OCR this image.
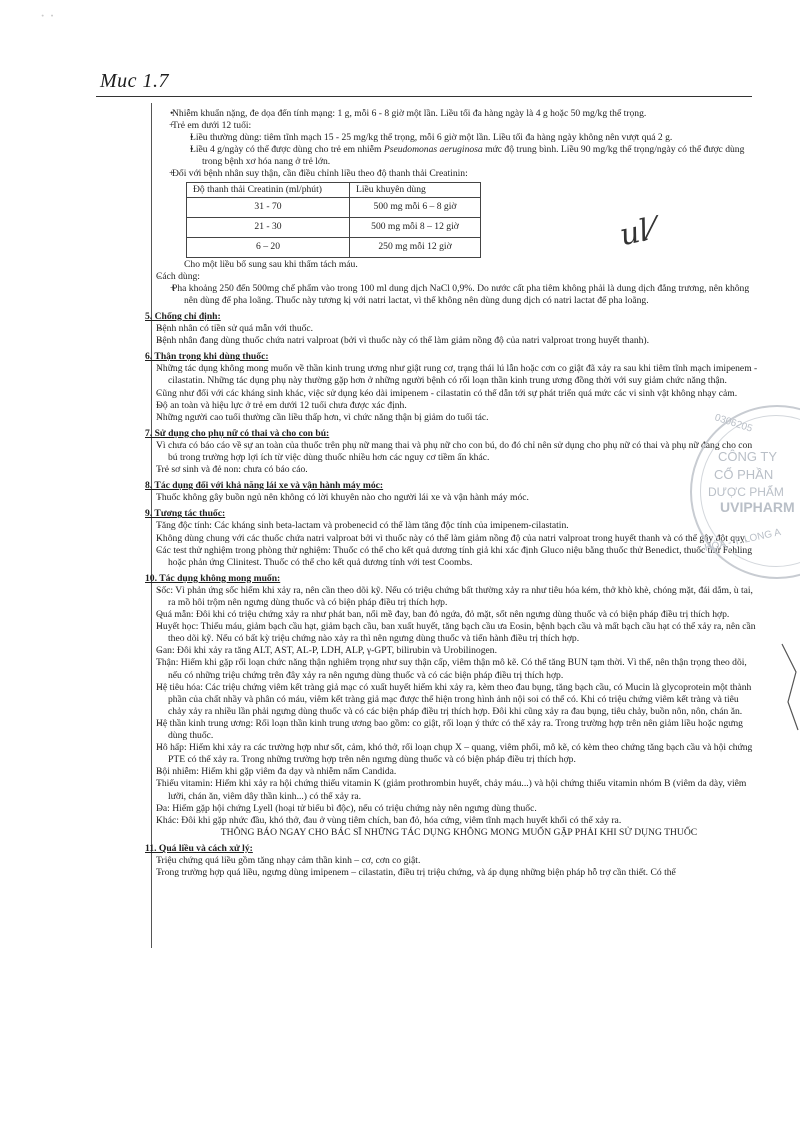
· ·
Muc 1.7

• Nhiễm khuẩn nặng, đe dọa đến tính mạng: 1 g, mỗi 6 - 8 giờ một lần. Liều tối đa hàng ngày là 4 g hoặc 50 mg/kg thể trọng.

+ Trẻ em dưới 12 tuổi:

• Liều thường dùng: tiêm tĩnh mạch 15 - 25 mg/kg thể trọng, mỗi 6 giờ một lần. Liều tối đa hàng ngày không nên vượt quá 2 g.

• Liều 4 g/ngày có thể được dùng cho trẻ em nhiễm Pseudomonas aeruginosa mức độ trung bình. Liều 90 mg/kg thể trọng/ngày có thể được dùng trong bệnh xơ hóa nang ở trẻ lớn.

+ Đối với bệnh nhân suy thận, cần điều chỉnh liều theo độ thanh thải Creatinin:

Độ thanh thải Creatinin (ml/phút)	Liều khuyên dùng
31 - 70	500 mg mỗi 6 – 8 giờ
21 - 30	500 mg mỗi 8 – 12 giờ
6 – 20	250 mg mỗi 12 giờ

Cho một liều bổ sung sau khi thẩm tách máu.

- Cách dùng:

+ Pha khoảng 250 đến 500mg chế phẩm vào trong 100 ml dung dịch NaCl 0,9%. Do nước cất pha tiêm không phải là dung dịch đẳng trương, nên không nên dùng để pha loãng. Thuốc này tương kị với natri lactat, vì thế không nên dùng dung dịch có natri lactat để pha loãng.

5. Chống chỉ định:

- Bệnh nhân có tiền sử quá mẫn với thuốc.

- Bệnh nhân đang dùng thuốc chứa natri valproat (bởi vì thuốc này có thể làm giảm nồng độ của natri valproat trong huyết thanh).

6. Thận trọng khi dùng thuốc:

- Những tác dụng không mong muốn về thần kinh trung ương như giật rung cơ, trạng thái lú lẫn hoặc cơn co giật đã xảy ra sau khi tiêm tĩnh mạch imipenem - cilastatin. Những tác dụng phụ này thường gặp hơn ở những người bệnh có rối loạn thần kinh trung ương đồng thời với suy giảm chức năng thận.

- Cũng như đối với các kháng sinh khác, việc sử dụng kéo dài imipenem - cilastatin có thể dẫn tới sự phát triển quá mức các vi sinh vật không nhạy cảm.

- Độ an toàn và hiệu lực ở trẻ em dưới 12 tuổi chưa được xác định.

- Những người cao tuổi thường cần liều thấp hơn, vì chức năng thận bị giảm do tuổi tác.

7. Sử dụng cho phụ nữ có thai và cho con bú:

- Vì chưa có báo cáo về sự an toàn của thuốc trên phụ nữ mang thai và phụ nữ cho con bú, do đó chỉ nên sử dụng cho phụ nữ có thai và phụ nữ đang cho con bú trong trường hợp lợi ích từ việc dùng thuốc nhiều hơn các nguy cơ tiềm ẩn khác.

- Trẻ sơ sinh và đẻ non: chưa có báo cáo.

8. Tác dụng đối với khả năng lái xe và vận hành máy móc:

- Thuốc không gây buồn ngủ nên không có lời khuyên nào cho người lái xe và vận hành máy móc.

9. Tương tác thuốc:

- Tăng độc tính: Các kháng sinh beta-lactam và probenecid có thể làm tăng độc tính của imipenem-cilastatin.

- Không dùng chung với các thuốc chứa natri valproat bởi vì thuốc này có thể làm giảm nồng độ của natri valproat trong huyết thanh và có thể gây đột quỵ.

- Các test thử nghiệm trong phòng thử nghiệm: Thuốc có thể cho kết quả dương tính giả khi xác định Gluco niệu bằng thuốc thử Benedict, thuốc thử Fehling hoặc phản ứng Clinitest. Thuốc có thể cho kết quả dương tính với test Coombs.

10. Tác dụng không mong muốn:

- Sốc: Vì phản ứng sốc hiếm khi xảy ra, nên cần theo dõi kỹ. Nếu có triệu chứng bất thường xảy ra như tiêu hóa kém, thở khò khè, chóng mặt, đái dắm, ù tai, ra mồ hôi trộm nên ngưng dùng thuốc và có biện pháp điều trị thích hợp.

- Quá mẫn: Đôi khi có triệu chứng xảy ra như phát ban, nổi mề đay, ban đỏ ngứa, đỏ mặt, sốt nên ngưng dùng thuốc và có biện pháp điều trị thích hợp.

- Huyết học: Thiếu máu, giảm bạch cầu hạt, giảm bạch cầu, ban xuất huyết, tăng bạch cầu ưa Eosin, bệnh bạch cầu và mất bạch cầu hạt có thể xảy ra, nên cần theo dõi kỹ. Nếu có bất kỳ triệu chứng nào xảy ra thì nên ngưng dùng thuốc và tiến hành điều trị thích hợp.

- Gan: Đôi khi xảy ra tăng ALT, AST, AL-P, LDH, ALP, γ-GPT, bilirubin và Urobilinogen.

- Thận: Hiếm khi gặp rối loạn chức năng thận nghiêm trọng như suy thận cấp, viêm thận mô kẽ. Có thể tăng BUN tạm thời. Vì thế, nên thận trọng theo dõi, nếu có những triệu chứng trên đây xảy ra nên ngưng dùng thuốc và có các biện pháp điều trị thích hợp.

- Hệ tiêu hóa: Các triệu chứng viêm kết tràng giả mạc có xuất huyết hiếm khi xảy ra, kèm theo đau bụng, tăng bạch cầu, có Mucin là glycoprotein một thành phần của chất nhầy và phân có máu, viêm kết tràng giả mạc được thể hiện trong hình ảnh nội soi có thể có. Khi có triệu chứng viêm kết tràng và tiêu chảy xảy ra nhiều lần phải ngưng dùng thuốc và có các biện pháp điều trị thích hợp. Đôi khi cũng xảy ra đau bụng, tiêu chảy, buồn nôn, nôn, chán ăn.

- Hệ thần kinh trung ương: Rối loạn thần kinh trung ương bao gồm: co giật, rối loạn ý thức có thể xảy ra. Trong trường hợp trên nên giảm liều hoặc ngưng dùng thuốc.

- Hô hấp: Hiếm khi xảy ra các trường hợp như sốt, cảm, khó thở, rối loạn chụp X – quang, viêm phổi, mô kẽ, có kèm theo chứng tăng bạch cầu và hội chứng PTE có thể xảy ra. Trong những trường hợp trên nên ngưng dùng thuốc và có biện pháp điều trị thích hợp.

- Bội nhiễm: Hiếm khi gặp viêm đa dạy và nhiễm nấm Candida.

- Thiếu vitamin: Hiếm khi xảy ra hội chứng thiếu vitamin K (giảm prothrombin huyết, chảy máu...) và hội chứng thiếu vitamin nhóm B (viêm da dày, viêm lưỡi, chán ăn, viêm dây thần kinh...) có thể xảy ra.

- Da: Hiếm gặp hội chứng Lyell (hoại tử biểu bì độc), nếu có triệu chứng này nên ngưng dùng thuốc.

- Khác: Đôi khi gặp nhức đầu, khó thở, đau ở vùng tiêm chích, ban đỏ, hóa cứng, viêm tĩnh mạch huyết khối có thể xảy ra.

THÔNG BÁO NGAY CHO BÁC SĨ NHỮNG TÁC DỤNG KHÔNG MONG MUỐN GẶP PHẢI KHI SỬ DỤNG THUỐC

11. Quá liều và cách xử lý:

- Triệu chứng quá liều gồm tăng nhạy cảm thần kinh – cơ, cơn co giật.

- Trong trường hợp quá liều, ngưng dùng imipenem – cilastatin, điều trị triệu chứng, và áp dụng những biện pháp hỗ trợ cần thiết. Có thể

ul⁄
0306205
CÔNG TY
CỔ PHẦN
DƯỢC PHẨM
UVIPHARM
HÓA - T. LONG A
